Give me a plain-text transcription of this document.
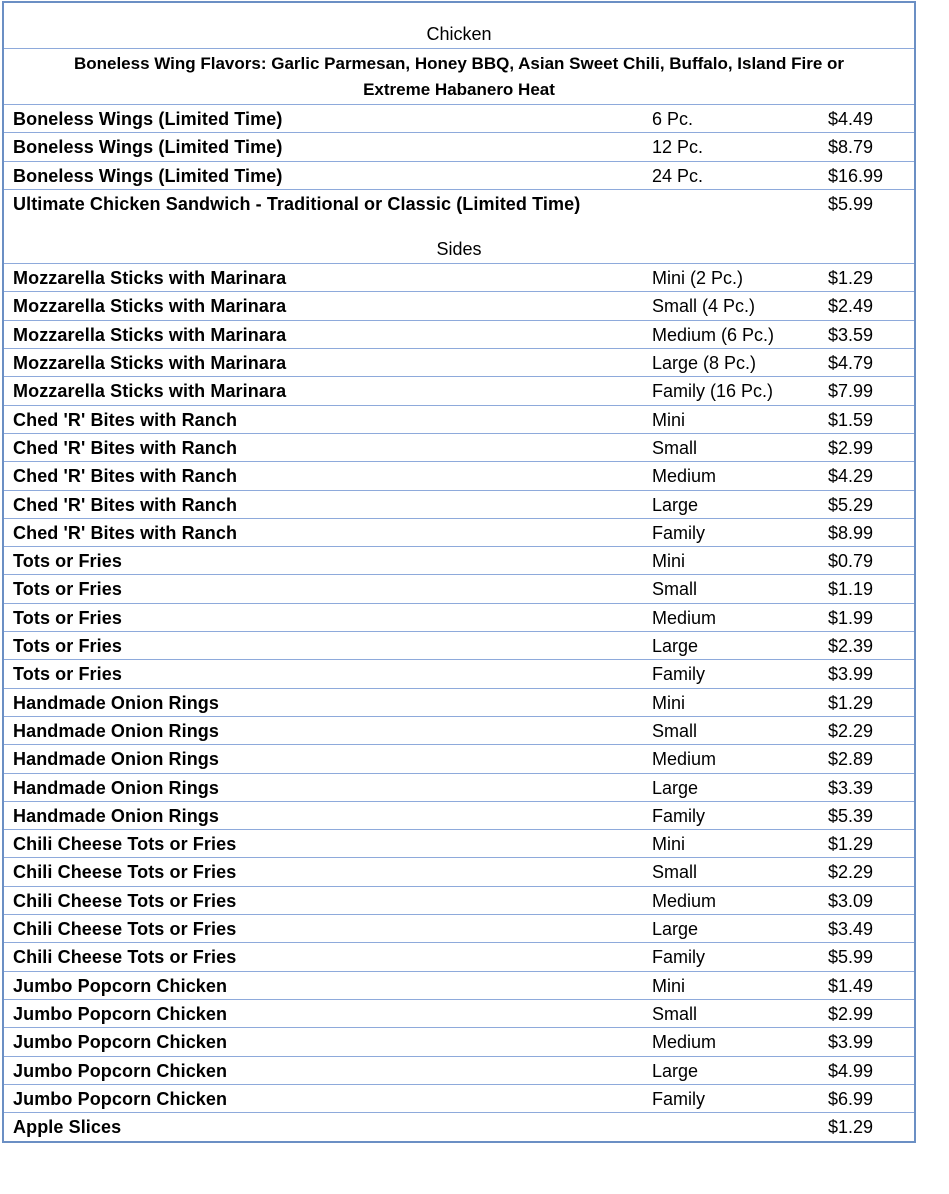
Chicken
Boneless Wing Flavors: Garlic Parmesan, Honey BBQ, Asian Sweet Chili, Buffalo, Island Fire or
Extreme Habanero Heat
Boneless Wings (Limited Time)	6 Pc.	$4.49
Boneless Wings (Limited Time)	12 Pc.	$8.79
Boneless Wings (Limited Time)	24 Pc.	$16.99
Ultimate Chicken Sandwich - Traditional or Classic (Limited Time)	$5.99
Sides
Mozzarella Sticks with Marinara	Mini (2 Pc.)	$1.29
Mozzarella Sticks with Marinara	Small (4 Pc.)	$2.49
Mozzarella Sticks with Marinara	Medium (6 Pc.)	$3.59
Mozzarella Sticks with Marinara	Large (8 Pc.)	$4.79
Mozzarella Sticks with Marinara	Family (16 Pc.)	$7.99
Ched 'R' Bites with Ranch	Mini	$1.59
Ched 'R' Bites with Ranch	Small	$2.99
Ched 'R' Bites with Ranch	Medium	$4.29
Ched 'R' Bites with Ranch	Large	$5.29
Ched 'R' Bites with Ranch	Family	$8.99
Tots or Fries	Mini	$0.79
Tots or Fries	Small	$1.19
Tots or Fries	Medium	$1.99
Tots or Fries	Large	$2.39
Tots or Fries	Family	$3.99
Handmade Onion Rings	Mini	$1.29
Handmade Onion Rings	Small	$2.29
Handmade Onion Rings	Medium	$2.89
Handmade Onion Rings	Large	$3.39
Handmade Onion Rings	Family	$5.39
Chili Cheese Tots or Fries	Mini	$1.29
Chili Cheese Tots or Fries	Small	$2.29
Chili Cheese Tots or Fries	Medium	$3.09
Chili Cheese Tots or Fries	Large	$3.49
Chili Cheese Tots or Fries	Family	$5.99
Jumbo Popcorn Chicken	Mini	$1.49
Jumbo Popcorn Chicken	Small	$2.99
Jumbo Popcorn Chicken	Medium	$3.99
Jumbo Popcorn Chicken	Large	$4.99
Jumbo Popcorn Chicken	Family	$6.99
Apple Slices	$1.29
